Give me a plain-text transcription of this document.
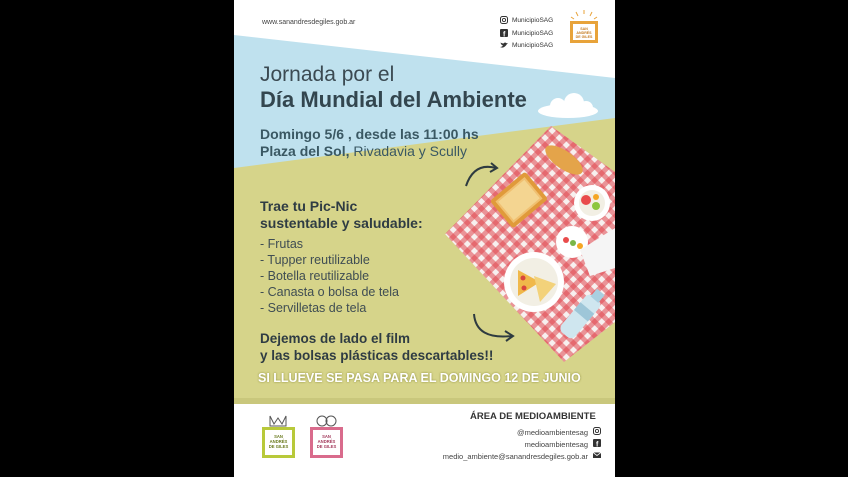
www.sanandresdegiles.gob.ar	MunicipioSAG
f MunicipioSAG
MunicipioSAG
SAN
ANDRÉS
DE GILES
Jornada por el
Día Mundial del Ambiente
Domingo 5/6 , desde las 11:00 hs
Plaza del Sol, Rivadavia y Scully
Trae tu Pic-Nic
sustentable y saludable:
- Frutas
- Tupper reutilizable
- Botella reutilizable
- Canasta o bolsa de tela
- Servilletas de tela
Dejemos de lado el film
y las bolsas plásticas descartables!!
SI LLUEVE SE PASA PARA EL DOMINGO 12 DE JUNIO
SAN
ANDRÉS
DE GILES
SAN
ANDRÉS
DE GILES
ÁREA DE MEDIOAMBIENTE
@medioambientesag
medioambientesag f
medio_ambiente@sanandresdegiles.gob.ar
